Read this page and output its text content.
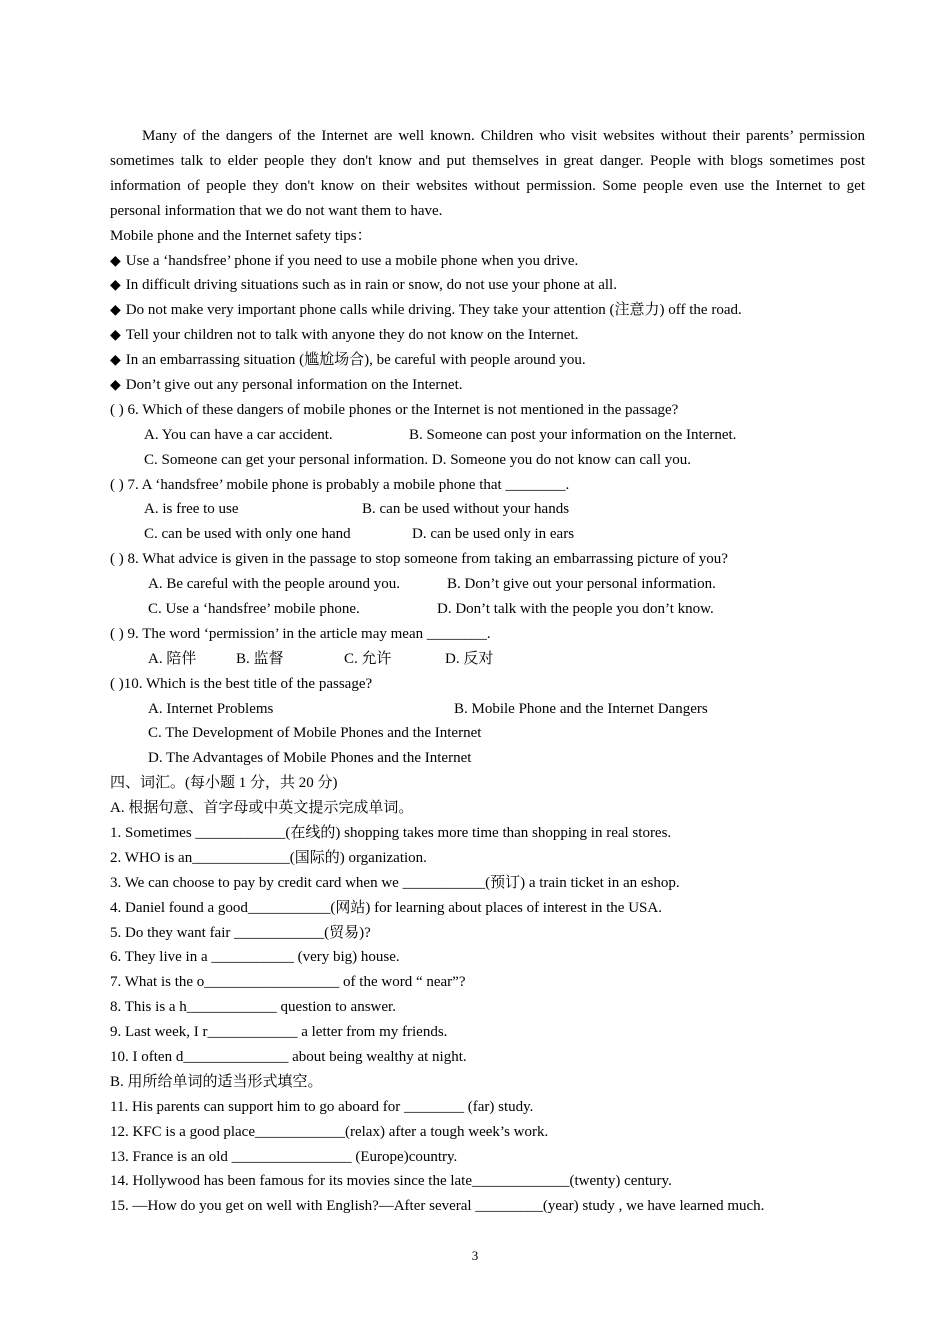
Many of the dangers of the Internet are well known. Children who visit websites without their parents’ permission sometimes talk to elder people they don't know and put themselves in great danger. People with blogs sometimes post information of people they don't know on their websites without permission. Some people even use the Internet to get personal information that we do not want them to have.

Mobile phone and the Internet safety tips：
◆ Use a ‘handsfree’ phone if you need to use a mobile phone when you drive.
◆ In difficult driving situations such as in rain or snow, do not use your phone at all.
◆ Do not make very important phone calls while driving. They take your attention (注意力) off the road.
◆ Tell your children not to talk with anyone they do not know on the Internet.
◆ In an embarrassing situation (尴尬场合), be careful with people around you.
◆ Don’t give out any personal information on the Internet.
( ) 6. Which of these dangers of mobile phones or the Internet is not mentioned in the passage?
A. You can have a car accident.	B. Someone can post your information on the Internet.
C. Someone can get your personal information. D. Someone you do not know can call you.
( ) 7. A ‘handsfree’ mobile phone is probably a mobile phone that ________.
A. is free to use	B. can be used without your hands
C. can be used with only one hand	D. can be used only in ears
( ) 8. What advice is given in the passage to stop someone from taking an embarrassing picture of you?
A. Be careful with the people around you.	B. Don’t give out your personal information.
C. Use a ‘handsfree’ mobile phone.	D. Don’t talk with the people you don’t know.
( ) 9. The word ‘permission’ in the article may mean ________.
A. 陪伴	B. 监督	C. 允许	D. 反对
( )10. Which is the best title of the passage?
A. Internet Problems	B. Mobile Phone and the Internet Dangers
C. The Development of Mobile Phones and the Internet
D. The Advantages of Mobile Phones and the Internet
四、词汇。(每小题 1 分，共 20 分)
A. 根据句意、首字母或中英文提示完成单词。
1. Sometimes ____________(在线的) shopping takes more time than shopping in real stores.
2. WHO is an_____________(国际的) organization.
3. We can choose to pay by credit card when we ___________(预订) a train ticket in an eshop.
4. Daniel found a good___________(网站) for learning about places of interest in the USA.
5. Do they want fair ____________(贸易)?
6. They live in a ___________ (very big) house.
7. What is the o__________________ of the word “ near”?
8. This is a h____________ question to answer.
9. Last week, I r____________ a letter from my friends.
10. I often d______________ about being wealthy at night.
B. 用所给单词的适当形式填空。
11. His parents can support him to go aboard for ________ (far) study.
12. KFC is a good place____________(relax) after a tough week’s work.
13. France is an old ________________ (Europe)country.
14. Hollywood has been famous for its movies since the late_____________(twenty) century.
15. —How do you get on well with English?—After several _________(year) study , we have learned much.
3
